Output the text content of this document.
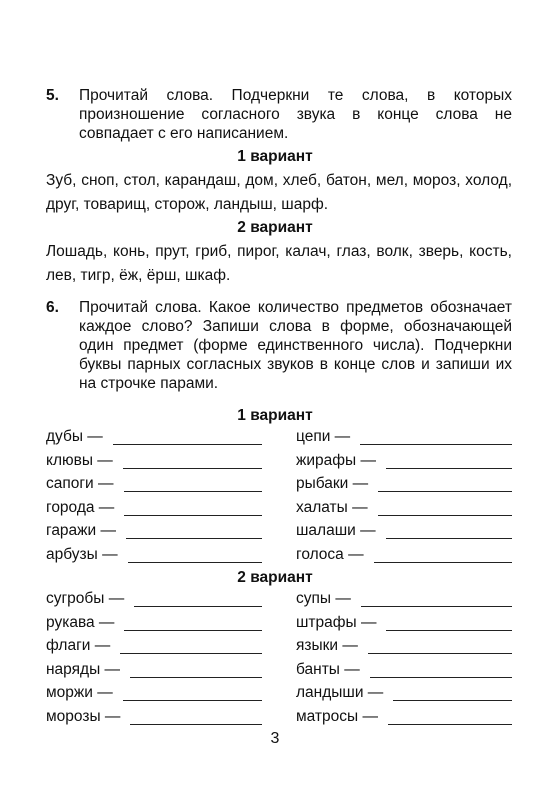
5. Прочитай слова. Подчеркни те слова, в которых произношение согласного звука в конце слова не совпадает с его написанием.
1 вариант
Зуб, сноп, стол, карандаш, дом, хлеб, батон, мел, мороз, холод, друг, товарищ, сторож, ландыш, шарф.
2 вариант
Лошадь, конь, прут, гриб, пирог, калач, глаз, волк, зверь, кость, лев, тигр, ёж, ёрш, шкаф.
6. Прочитай слова. Какое количество предметов обозначает каждое слово? Запиши слова в форме, обозначающей один предмет (форме единственного числа). Подчеркни буквы парных согласных звуков в конце слов и запиши их на строчке парами.
1 вариант
дубы —
клювы —
сапоги —
города —
гаражи —
арбузы —
цепи —
жирафы —
рыбаки —
халаты —
шалаши —
голоса —
2 вариант
сугробы —
рукава —
флаги —
наряды —
моржи —
морозы —
супы —
штрафы —
языки —
банты —
ландыши —
матросы —
3
